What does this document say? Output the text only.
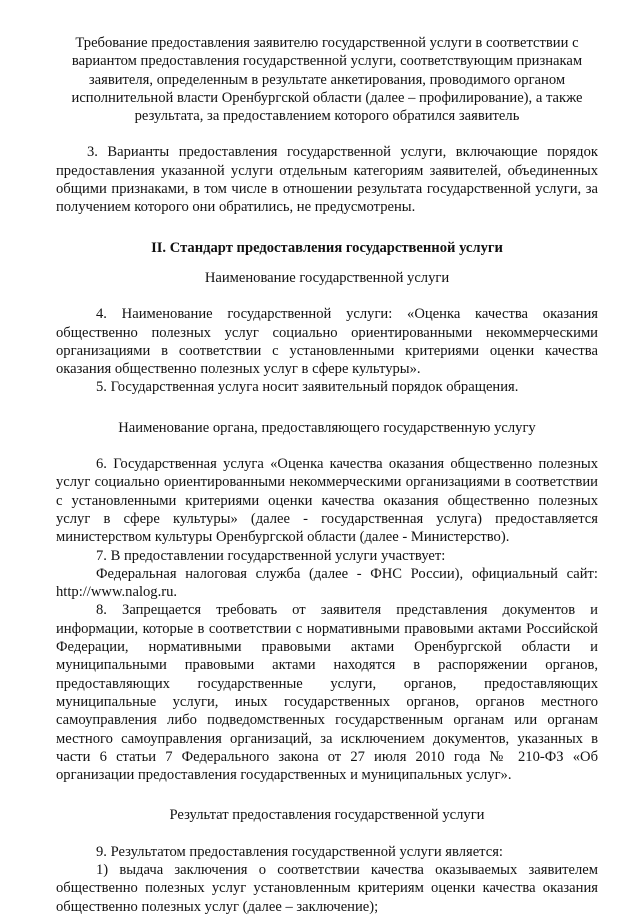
Требование предоставления заявителю государственной услуги в соответствии с вариантом предоставления государственной услуги, соответствующим признакам заявителя, определенным в результате анкетирования, проводимого органом исполнительной власти Оренбургской области (далее – профилирование), а также результата, за предоставлением которого обратился заявитель

3. Варианты предоставления государственной услуги, включающие порядок предоставления указанной услуги отдельным категориям заявителей, объединенных общими признаками, в том числе в отношении результата государственной услуги, за получением которого они обратились, не предусмотрены.

II. Стандарт предоставления государственной услуги

Наименование государственной услуги

4. Наименование государственной услуги: «Оценка качества оказания общественно полезных услуг социально ориентированными некоммерческими организациями в соответствии с установленными критериями оценки качества оказания общественно полезных услуг в сфере культуры».

5. Государственная услуга носит заявительный порядок обращения.

Наименование органа, предоставляющего государственную услугу

6. Государственная услуга «Оценка качества оказания общественно полезных услуг социально ориентированными некоммерческими организациями в соответствии с установленными критериями оценки качества оказания общественно полезных услуг в сфере культуры» (далее - государственная услуга) предоставляется министерством культуры Оренбургской области (далее - Министерство).

7. В предоставлении государственной услуги участвует:

Федеральная налоговая служба (далее - ФНС России), официальный сайт: http://www.nalog.ru.

8. Запрещается требовать от заявителя представления документов и информации, которые в соответствии с нормативными правовыми актами Российской Федерации, нормативными правовыми актами Оренбургской области и муниципальными правовыми актами находятся в распоряжении органов, предоставляющих государственные услуги, органов, предоставляющих муниципальные услуги, иных государственных органов, органов местного самоуправления либо подведомственных государственным органам или органам местного самоуправления организаций, за исключением документов, указанных в части 6 статьи 7 Федерального закона от 27 июля 2010 года № 210-ФЗ «Об организации предоставления государственных и муниципальных услуг».

Результат предоставления государственной услуги

9. Результатом предоставления государственной услуги является:

1) выдача заключения о соответствии качества оказываемых заявителем общественно полезных услуг установленным критериям оценки качества оказания общественно полезных услуг (далее – заключение);
